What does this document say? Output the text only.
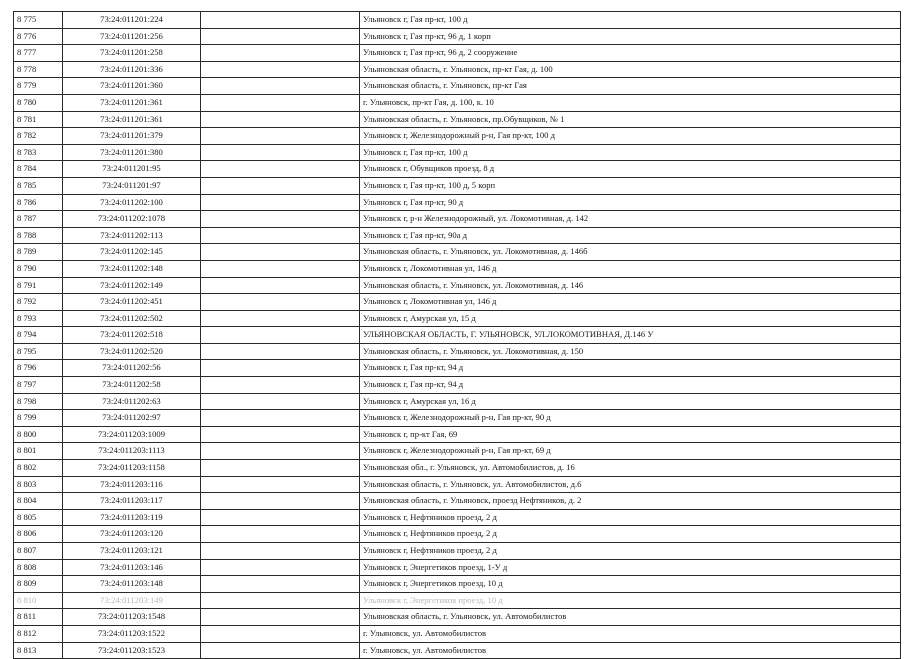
8 775	73:24:011201:224		Ульяновск г, Гая пр-кт, 100 д
8 776	73:24:011201:256		Ульяновск г, Гая пр-кт, 96 д, 1 корп
8 777	73:24:011201:258		Ульяновск г, Гая пр-кт, 96 д, 2 сооружение
8 778	73:24:011201:336		Ульяновская область, г. Ульяновск, пр-кт Гая, д. 100
8 779	73:24:011201:360		Ульяновская область, г. Ульяновск, пр-кт Гая
8 780	73:24:011201:361		г. Ульяновск, пр-кт Гая, д. 100, к. 10
8 781	73:24:011201:361		Ульяновская область, г. Ульяновск, пр.Обувщиков, № 1
8 782	73:24:011201:379		Ульяновск г, Железнодорожный р-н, Гая пр-кт, 100 д
8 783	73:24:011201:380		Ульяновск г, Гая пр-кт, 100 д
8 784	73:24:011201:95		Ульяновск г, Обувщиков проезд, 8 д
8 785	73:24:011201:97		Ульяновск г, Гая пр-кт, 100 д, 5 корп
8 786	73:24:011202:100		Ульяновск г, Гая пр-кт, 90 д
8 787	73:24:011202:1078		Ульяновск г, р-н Железнодорожный, ул. Локомотивная, д. 142
8 788	73:24:011202:113		Ульяновск г, Гая пр-кт, 90а д
8 789	73:24:011202:145		Ульяновская область, г. Ульяновск, ул. Локомотивная, д. 146б
8 790	73:24:011202:148		Ульяновск г, Локомотивная ул, 146 д
8 791	73:24:011202:149		Ульяновская область, г. Ульяновск, ул. Локомотивная, д. 146
8 792	73:24:011202:451		Ульяновск г, Локомотивная ул, 146 д
8 793	73:24:011202:502		Ульяновск г, Амурская ул, 15 д
8 794	73:24:011202:518		УЛЬЯНОВСКАЯ ОБЛАСТЬ, Г. УЛЬЯНОВСК, УЛ.ЛОКОМОТИВНАЯ, Д.146 У
8 795	73:24:011202:520		Ульяновская область, г. Ульяновск, ул. Локомотивная, д. 150
8 796	73:24:011202:56		Ульяновск г, Гая пр-кт, 94 д
8 797	73:24:011202:58		Ульяновск г, Гая пр-кт, 94 д
8 798	73:24:011202:63		Ульяновск г, Амурская ул, 16 д
8 799	73:24:011202:97		Ульяновск г, Железнодорожный р-н, Гая пр-кт, 90 д
8 800	73:24:011203:1009		Ульяновск г, пр-кт Гая, 69
8 801	73:24:011203:1113		Ульяновск г, Железнодорожный р-н, Гая пр-кт, 69 д
8 802	73:24:011203:1158		Ульяновская обл., г. Ульяновск, ул. Автомобилистов, д. 16
8 803	73:24:011203:116		Ульяновская область, г. Ульяновск, ул. Автомобилистов, д.6
8 804	73:24:011203:117		Ульяновская область, г. Ульяновск, проезд Нефтяников, д. 2
8 805	73:24:011203:119		Ульяновск г, Нефтяников проезд, 2 д
8 806	73:24:011203:120		Ульяновск г, Нефтяников проезд, 2 д
8 807	73:24:011203:121		Ульяновск г, Нефтяников проезд, 2 д
8 808	73:24:011203:146		Ульяновск г, Энергетиков проезд, 1-У д
8 809	73:24:011203:148		Ульяновск г, Энергетиков проезд, 10 д
8 810	73:24:011203:149		Ульяновск г, Энергетиков проезд, 10 д
8 811	73:24:011203:1548		Ульяновская область, г. Ульяновск, ул. Автомобилистов
8 812	73:24:011203:1522		г. Ульяновск, ул. Автомобилистов
8 813	73:24:011203:1523		г. Ульяновск, ул. Автомобилистов
